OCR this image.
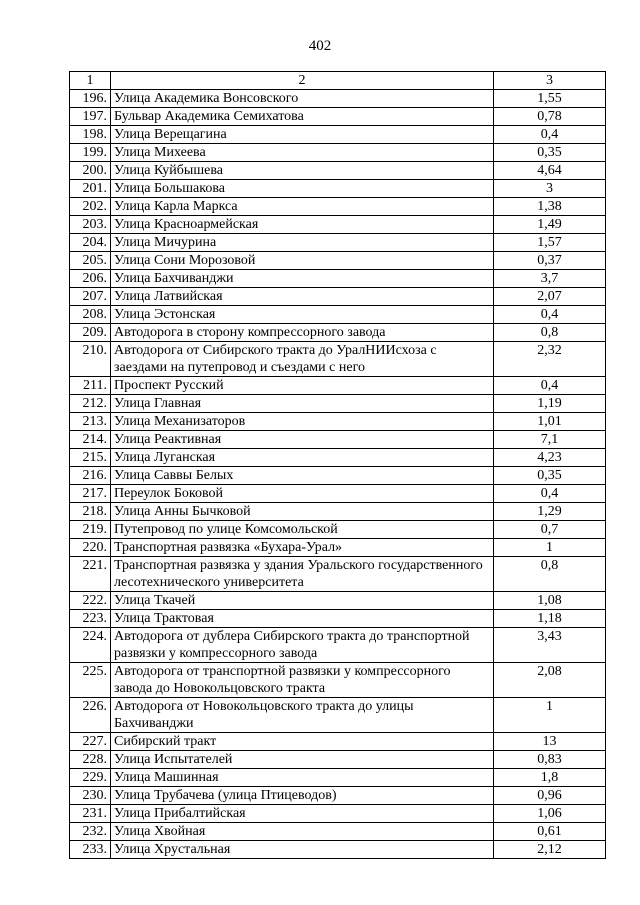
402
1	2	3
196.	Улица Академика Вонсовского	1,55
197.	Бульвар Академика Семихатова	0,78
198.	Улица Верещагина	0,4
199.	Улица Михеева	0,35
200.	Улица Куйбышева	4,64
201.	Улица Большакова	3
202.	Улица Карла Маркса	1,38
203.	Улица Красноармейская	1,49
204.	Улица Мичурина	1,57
205.	Улица Сони Морозовой	0,37
206.	Улица Бахчиванджи	3,7
207.	Улица Латвийская	2,07
208.	Улица Эстонская	0,4
209.	Автодорога в сторону компрессорного завода	0,8
210.	Автодорога от Сибирского тракта до УралНИИсхоза с заездами на путепровод и съездами с него	2,32
211.	Проспект Русский	0,4
212.	Улица Главная	1,19
213.	Улица Механизаторов	1,01
214.	Улица Реактивная	7,1
215.	Улица Луганская	4,23
216.	Улица Саввы Белых	0,35
217.	Переулок Боковой	0,4
218.	Улица Анны Бычковой	1,29
219.	Путепровод по улице Комсомольской	0,7
220.	Транспортная развязка «Бухара-Урал»	1
221.	Транспортная развязка у здания Уральского государственного лесотехнического университета	0,8
222.	Улица Ткачей	1,08
223.	Улица Трактовая	1,18
224.	Автодорога от дублера Сибирского тракта до транспортной развязки у компрессорного завода	3,43
225.	Автодорога от транспортной развязки у компрессорного завода до Новокольцовского тракта	2,08
226.	Автодорога от Новокольцовского тракта до улицы Бахчиванджи	1
227.	Сибирский тракт	13
228.	Улица Испытателей	0,83
229.	Улица Машинная	1,8
230.	Улица Трубачева (улица Птицеводов)	0,96
231.	Улица Прибалтийская	1,06
232.	Улица Хвойная	0,61
233.	Улица Хрустальная	2,12
